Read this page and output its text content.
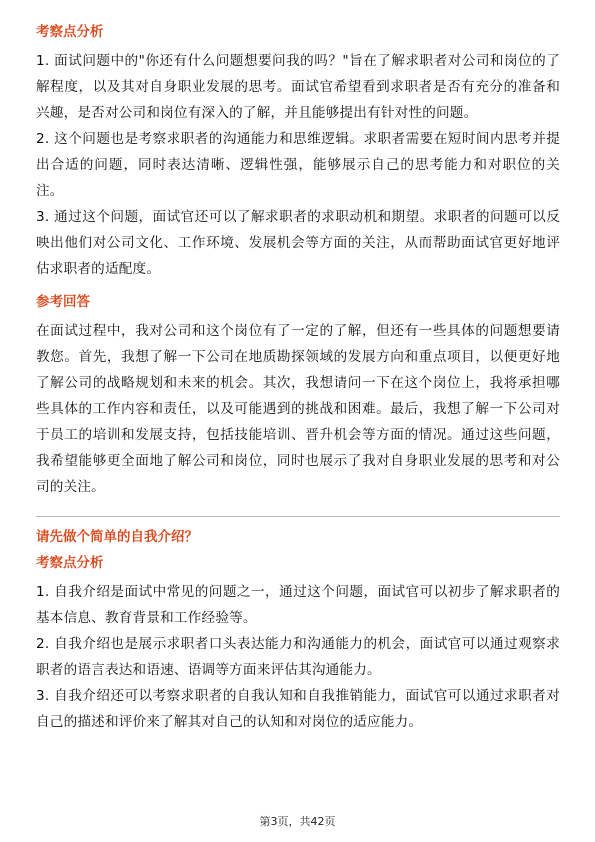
考察点分析

1. 面试问题中的"你还有什么问题想要问我的吗？"旨在了解求职者对公司和岗位的了解程度，以及其对自身职业发展的思考。面试官希望看到求职者是否有充分的准备和兴趣，是否对公司和岗位有深入的了解，并且能够提出有针对性的问题。

2. 这个问题也是考察求职者的沟通能力和思维逻辑。求职者需要在短时间内思考并提出合适的问题，同时表达清晰、逻辑性强，能够展示自己的思考能力和对职位的关注。

3. 通过这个问题，面试官还可以了解求职者的求职动机和期望。求职者的问题可以反映出他们对公司文化、工作环境、发展机会等方面的关注，从而帮助面试官更好地评估求职者的适配度。

参考回答

在面试过程中，我对公司和这个岗位有了一定的了解，但还有一些具体的问题想要请教您。首先，我想了解一下公司在地质勘探领域的发展方向和重点项目，以便更好地了解公司的战略规划和未来的机会。其次，我想请问一下在这个岗位上，我将承担哪些具体的工作内容和责任，以及可能遇到的挑战和困难。最后，我想了解一下公司对于员工的培训和发展支持，包括技能培训、晋升机会等方面的情况。通过这些问题，我希望能够更全面地了解公司和岗位，同时也展示了我对自身职业发展的思考和对公司的关注。

请先做个简单的自我介绍？
考察点分析

1. 自我介绍是面试中常见的问题之一，通过这个问题，面试官可以初步了解求职者的基本信息、教育背景和工作经验等。

2. 自我介绍也是展示求职者口头表达能力和沟通能力的机会，面试官可以通过观察求职者的语言表达和语速、语调等方面来评估其沟通能力。

3. 自我介绍还可以考察求职者的自我认知和自我推销能力，面试官可以通过求职者对自己的描述和评价来了解其对自己的认知和对岗位的适应能力。

第3页，共42页
